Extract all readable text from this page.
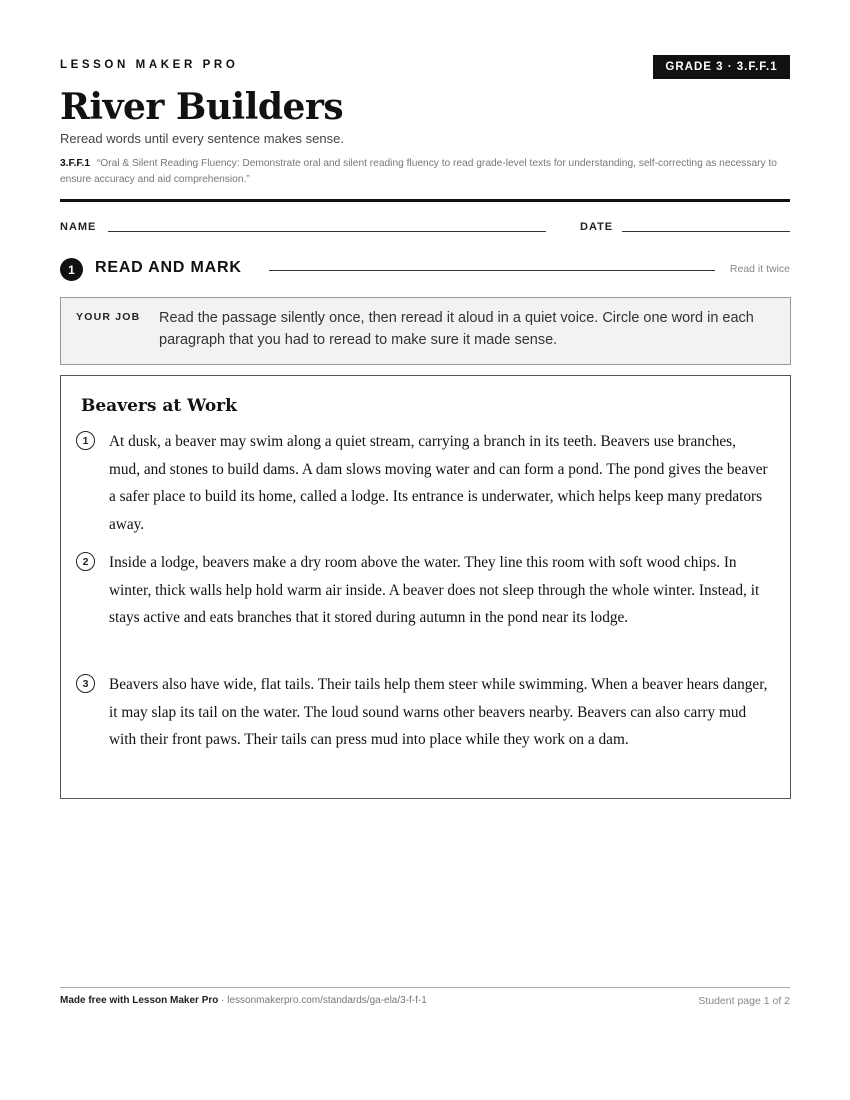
LESSON MAKER PRO	GRADE 3 · 3.F.F.1
River Builders
Reread words until every sentence makes sense.
3.F.F.1 “Oral & Silent Reading Fluency: Demonstrate oral and silent reading fluency to read grade-level texts for understanding, self-correcting as necessary to ensure accuracy and aid comprehension.”
NAME	DATE
1	READ AND MARK	Read it twice
YOUR JOB Read the passage silently once, then reread it aloud in a quiet voice. Circle one word in each paragraph that you had to reread to make sure it made sense.
Beavers at Work
1	At dusk, a beaver may swim along a quiet stream, carrying a branch in its teeth. Beavers use branches, mud, and stones to build dams. A dam slows moving water and can form a pond. The pond gives the beaver a safer place to build its home, called a lodge. Its entrance is underwater, which helps keep many predators away.

2	Inside a lodge, beavers make a dry room above the water. They line this room with soft wood chips. In winter, thick walls help hold warm air inside. A beaver does not sleep through the whole winter. Instead, it stays active and eats branches that it stored during autumn in the pond near its lodge.

3	Beavers also have wide, flat tails. Their tails help them steer while swimming. When a beaver hears danger, it may slap its tail on the water. The loud sound warns other beavers nearby. Beavers can also carry mud with their front paws. Their tails can press mud into place while they work on a dam.

Made free with Lesson Maker Pro · lessonmakerpro.com/standards/ga-ela/3-f-f-1	Student page 1 of 2
